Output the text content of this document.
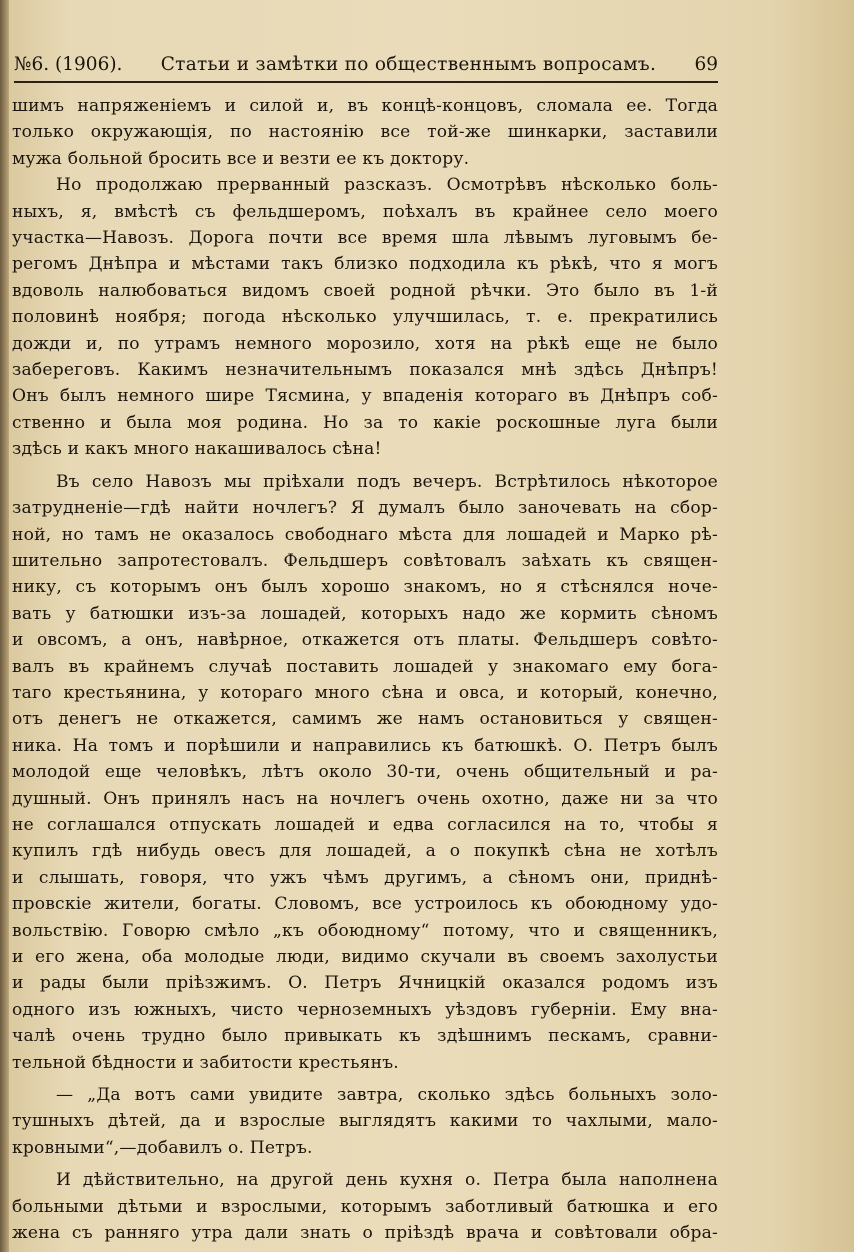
№6. (1906). Статьи и замѣтки по общественнымъ вопросамъ. 69

шимъ напряженіемъ и силой и, въ концѣ-концовъ, сломала ее. Тогда

только окружающія, по настоянію все той-же шинкарки, заставили

мужа больной бросить все и везти ее къ доктору.

Но продолжаю прерванный разсказъ. Осмотрѣвъ нѣсколько боль-

ныхъ, я, вмѣстѣ съ фельдшеромъ, поѣхалъ въ крайнее село моего

участка—Навозъ. Дорога почти все время шла лѣвымъ луговымъ бе-

регомъ Днѣпра и мѣстами такъ близко подходила къ рѣкѣ, что я могъ

вдоволь налюбоваться видомъ своей родной рѣчки. Это было въ 1-й

половинѣ ноября; погода нѣсколько улучшилась, т. е. прекратились

дожди и, по утрамъ немного морозило, хотя на рѣкѣ еще не было

забереговъ. Какимъ незначительнымъ показался мнѣ здѣсь Днѣпръ!

Онъ былъ немного шире Тясмина, у впаденія котораго въ Днѣпръ соб-

ственно и была моя родина. Но за то какіе роскошные луга были

здѣсь и какъ много накашивалось сѣна!

Въ село Навозъ мы пріѣхали подъ вечеръ. Встрѣтилось нѣкоторое

затрудненіе—гдѣ найти ночлегъ? Я думалъ было заночевать на сбор-

ной, но тамъ не оказалось свободнаго мѣста для лошадей и Марко рѣ-

шительно запротестовалъ. Фельдшеръ совѣтовалъ заѣхать къ священ-

нику, съ которымъ онъ былъ хорошо знакомъ, но я стѣснялся ноче-

вать у батюшки изъ-за лошадей, которыхъ надо же кормить сѣномъ

и овсомъ, а онъ, навѣрное, откажется отъ платы. Фельдшеръ совѣто-

валъ въ крайнемъ случаѣ поставить лошадей у знакомаго ему бога-

таго крестьянина, у котораго много сѣна и овса, и который, конечно,

отъ денегъ не откажется, самимъ же намъ остановиться у священ-

ника. На томъ и порѣшили и направились къ батюшкѣ. О. Петръ былъ

молодой еще человѣкъ, лѣтъ около 30-ти, очень общительный и ра-

душный. Онъ принялъ насъ на ночлегъ очень охотно, даже ни за что

не соглашался отпускать лошадей и едва согласился на то, чтобы я

купилъ гдѣ нибудь овесъ для лошадей, а о покупкѣ сѣна не хотѣлъ

и слышать, говоря, что ужъ чѣмъ другимъ, а сѣномъ они, приднѣ-

провскіе жители, богаты. Словомъ, все устроилось къ обоюдному удо-

вольствію. Говорю смѣло „къ обоюдному“ потому, что и священникъ,

и его жена, оба молодые люди, видимо скучали въ своемъ захолустьи

и рады были пріѣзжимъ. О. Петръ Ячницкій оказался родомъ изъ

одного изъ южныхъ, чисто черноземныхъ уѣздовъ губерніи. Ему вна-

чалѣ очень трудно было привыкать къ здѣшнимъ пескамъ, сравни-

тельной бѣдности и забитости крестьянъ.

— „Да вотъ сами увидите завтра, сколько здѣсь больныхъ золо-

тушныхъ дѣтей, да и взрослые выглядятъ какими то чахлыми, мало-

кровными“,—добавилъ о. Петръ.

И дѣйствительно, на другой день кухня о. Петра была наполнена

больными дѣтьми и взрослыми, которымъ заботливый батюшка и его

жена съ ранняго утра дали знать о пріѣздѣ врача и совѣтовали обра-
